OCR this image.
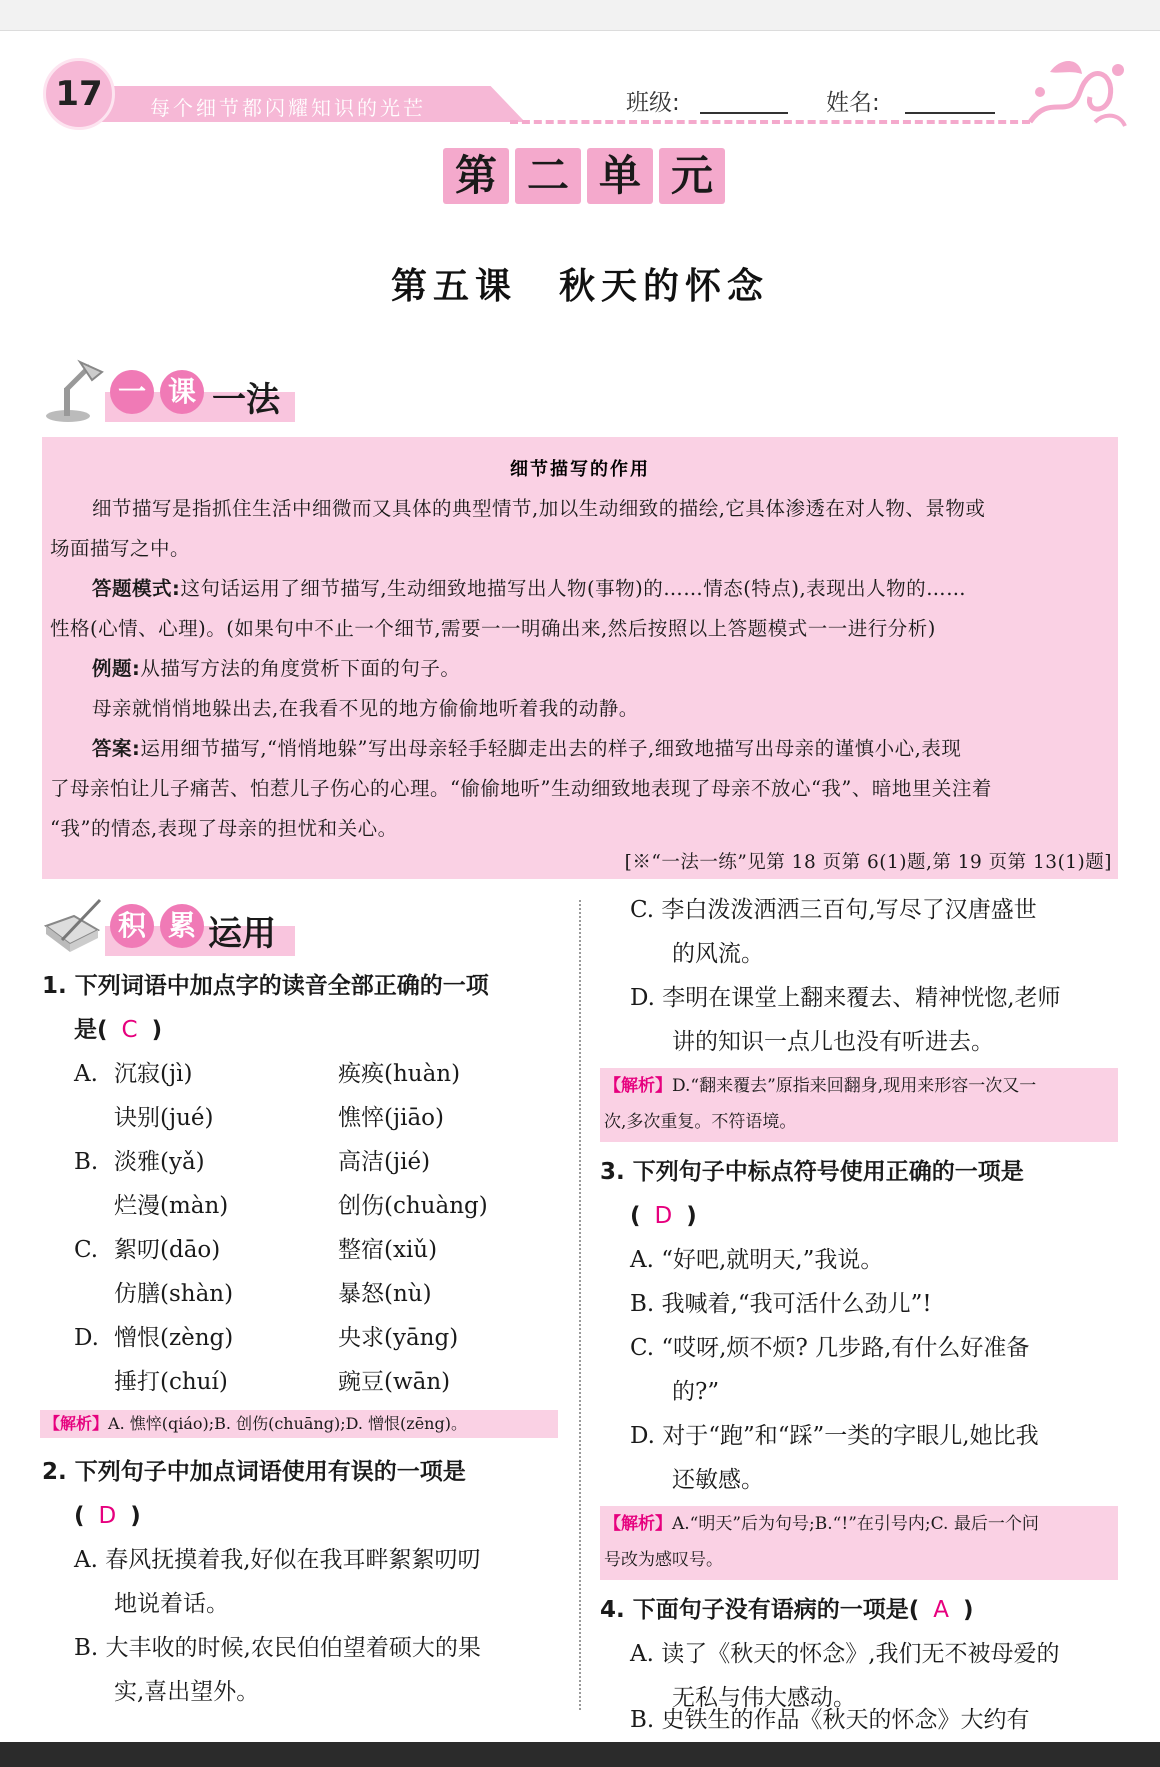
17	每个细节都闪耀知识的光芒	班级:	姓名:
第 二 单 元
第五课　秋天的怀念
一 课 一法
细节描写的作用
细节描写是指抓住生活中细微而又具体的典型情节,加以生动细致的描绘,它具体渗透在对人物、景物或
场面描写之中。
答题模式:这句话运用了细节描写,生动细致地描写出人物(事物)的……情态(特点),表现出人物的……
性格(心情、心理)。(如果句中不止一个细节,需要一一明确出来,然后按照以上答题模式一一进行分析)
例题:从描写方法的角度赏析下面的句子。
母亲就悄悄地躲出去,在我看不见的地方偷偷地听着我的动静。
答案:运用细节描写,“悄悄地躲”写出母亲轻手轻脚走出去的样子,细致地描写出母亲的谨慎小心,表现
了母亲怕让儿子痛苦、怕惹儿子伤心的心理。“偷偷地听”生动细致地表现了母亲不放心“我”、暗地里关注着
“我”的情态,表现了母亲的担忧和关心。
[※“一法一练”见第 18 页第 6(1)题,第 19 页第 13(1)题]
积 累 运用
1. 下列词语中加点字的读音全部正确的一项
是( C )
A. 沉寂(jì)	痪痪(huàn)
诀别(jué)	憔悴(jiāo)
B. 淡雅(yǎ)	高洁(jié)
烂漫(màn)	创伤(chuàng)
C. 絮叨(dāo)	整宿(xiǔ)
仿膳(shàn)	暴怒(nù)
D. 憎恨(zèng)	央求(yāng)
捶打(chuí)	豌豆(wān)
【解析】A. 憔悴(qiáo);B. 创伤(chuāng);D. 憎恨(zēng)。
2. 下列句子中加点词语使用有误的一项是
( D )
A. 春风抚摸着我,好似在我耳畔絮絮叨叨
地说着话。
B. 大丰收的时候,农民伯伯望着硕大的果
实,喜出望外。
C. 李白泼泼洒洒三百句,写尽了汉唐盛世
的风流。
D. 李明在课堂上翻来覆去、精神恍惚,老师
讲的知识一点儿也没有听进去。
【解析】D.“翻来覆去”原指来回翻身,现用来形容一次又一
次,多次重复。不符语境。
3. 下列句子中标点符号使用正确的一项是
( D )
A. “好吧,就明天,”我说。
B. 我喊着,“我可活什么劲儿”!
C. “哎呀,烦不烦? 几步路,有什么好准备
的?”
D. 对于“跑”和“踩”一类的字眼儿,她比我
还敏感。
【解析】A.“明天”后为句号;B.“!”在引号内;C. 最后一个问
号改为感叹号。
4. 下面句子没有语病的一项是( A )
A. 读了《秋天的怀念》,我们无不被母爱的
无私与伟大感动。
B. 史铁生的作品《秋天的怀念》大约有
